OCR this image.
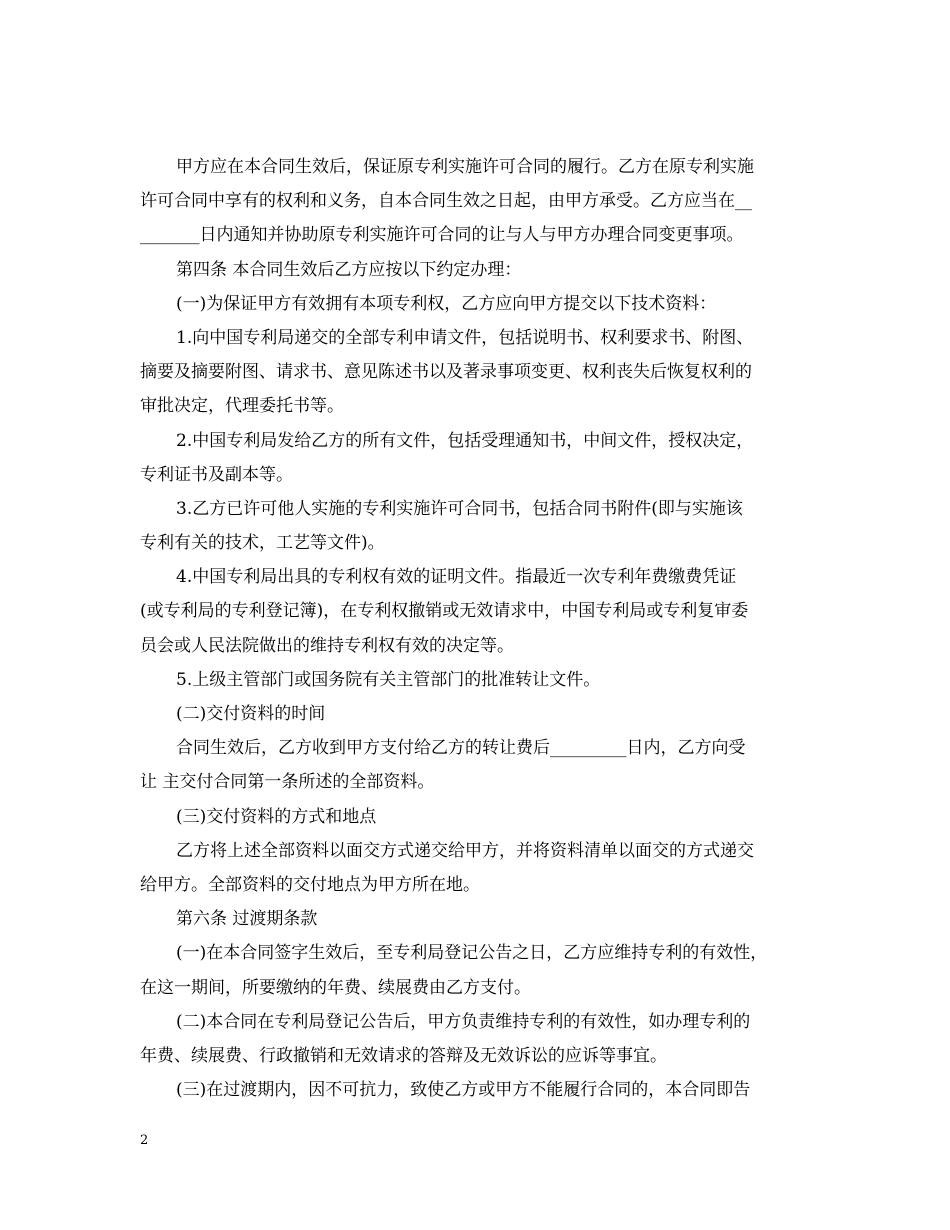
甲方应在本合同生效后，保证原专利实施许可合同的履行。乙方在原专利实施
许可合同中享有的权利和义务，自本合同生效之日起，由甲方承受。乙方应当在__
_______日内通知并协助原专利实施许可合同的让与人与甲方办理合同变更事项。
第四条 本合同生效后乙方应按以下约定办理：
(一)为保证甲方有效拥有本项专利权，乙方应向甲方提交以下技术资料：
1.向中国专利局递交的全部专利申请文件，包括说明书、权利要求书、附图、
摘要及摘要附图、请求书、意见陈述书以及著录事项变更、权利丧失后恢复权利的
审批决定，代理委托书等。
2.中国专利局发给乙方的所有文件，包括受理通知书，中间文件，授权决定，
专利证书及副本等。
3.乙方已许可他人实施的专利实施许可合同书，包括合同书附件(即与实施该
专利有关的技术，工艺等文件)。
4.中国专利局出具的专利权有效的证明文件。指最近一次专利年费缴费凭证
(或专利局的专利登记簿)，在专利权撤销或无效请求中，中国专利局或专利复审委
员会或人民法院做出的维持专利权有效的决定等。
5.上级主管部门或国务院有关主管部门的批准转让文件。
(二)交付资料的时间
合同生效后，乙方收到甲方支付给乙方的转让费后_________日内，乙方向受
让 主交付合同第一条所述的全部资料。
(三)交付资料的方式和地点
乙方将上述全部资料以面交方式递交给甲方，并将资料清单以面交的方式递交
给甲方。全部资料的交付地点为甲方所在地。
第六条 过渡期条款
(一)在本合同签字生效后，至专利局登记公告之日，乙方应维持专利的有效性，
在这一期间，所要缴纳的年费、续展费由乙方支付。
(二)本合同在专利局登记公告后，甲方负责维持专利的有效性，如办理专利的
年费、续展费、行政撤销和无效请求的答辩及无效诉讼的应诉等事宜。
(三)在过渡期内，因不可抗力，致使乙方或甲方不能履行合同的，本合同即告
2
